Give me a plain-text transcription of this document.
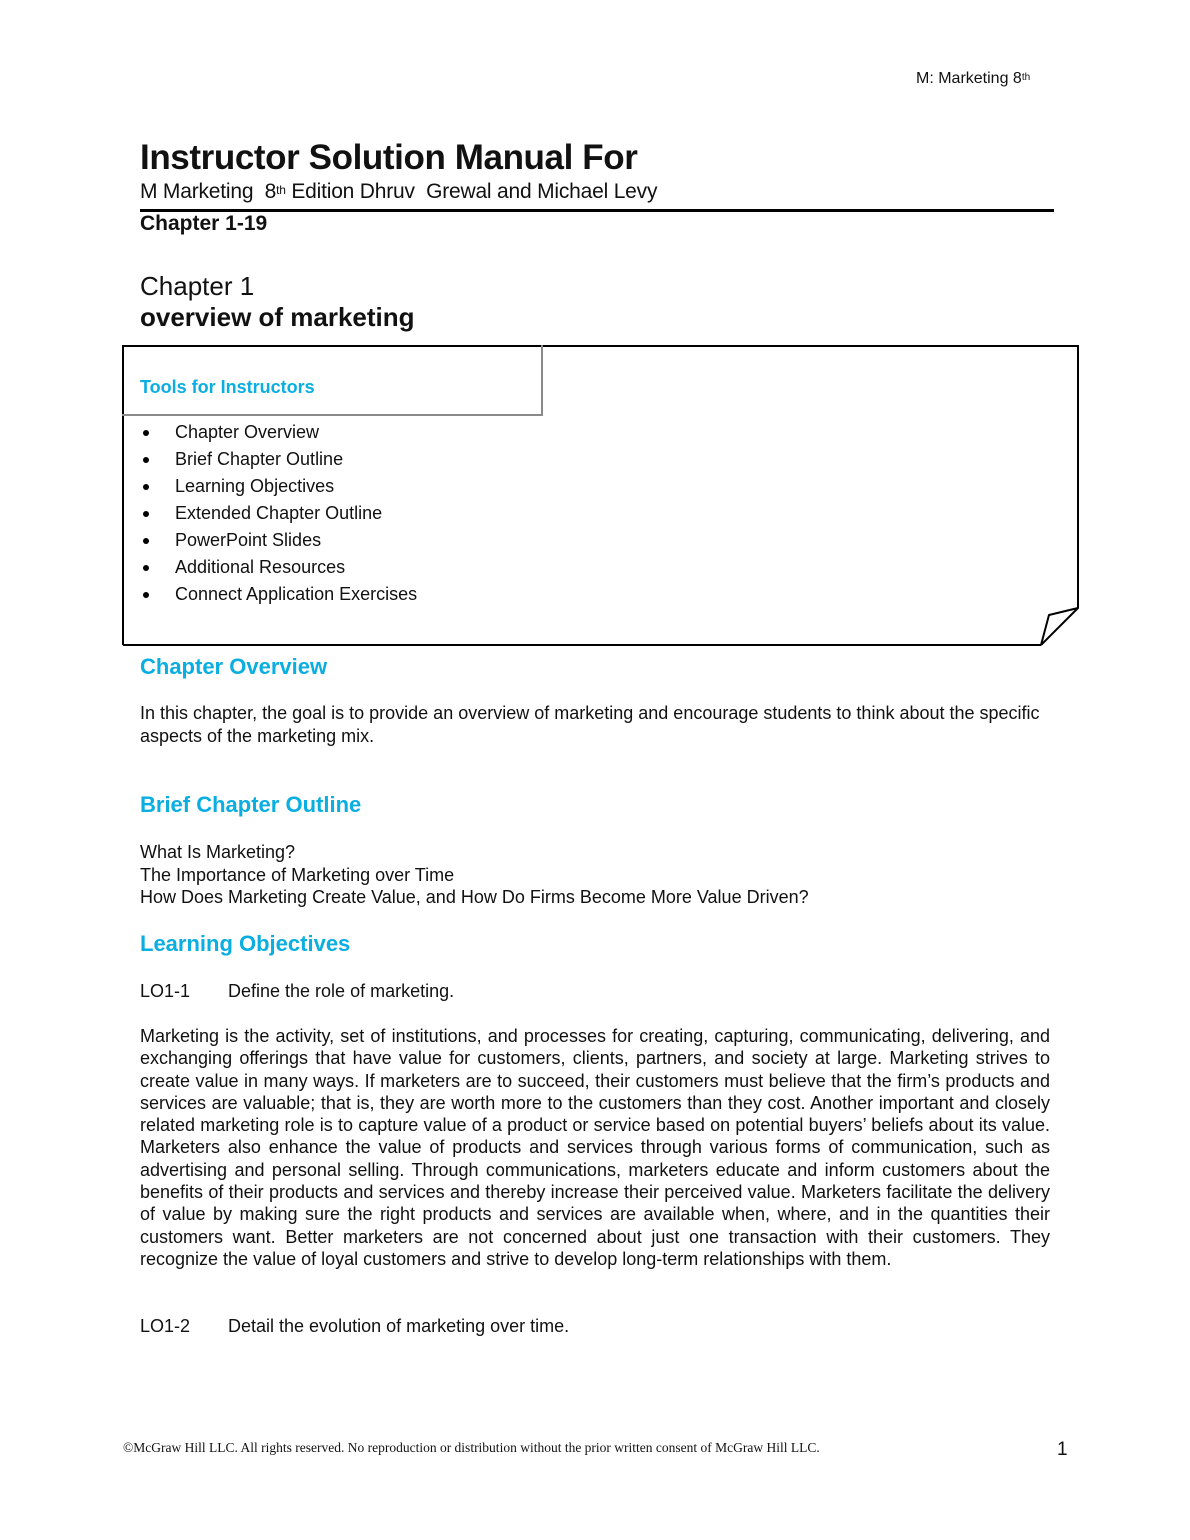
M: Marketing 8th
Instructor Solution Manual For
M Marketing  8th Edition Dhruv  Grewal and Michael Levy
Chapter 1-19
Chapter 1
overview of marketing
Tools for Instructors
Chapter Overview
Brief Chapter Outline
Learning Objectives
Extended Chapter Outline
PowerPoint Slides
Additional Resources
Connect Application Exercises
Chapter Overview
In this chapter, the goal is to provide an overview of marketing and encourage students to think about the specific aspects of the marketing mix.
Brief Chapter Outline
What Is Marketing?
The Importance of Marketing over Time
How Does Marketing Create Value, and How Do Firms Become More Value Driven?
Learning Objectives
LO1-1 Define the role of marketing.
Marketing is the activity, set of institutions, and processes for creating, capturing, communicating, delivering, and exchanging offerings that have value for customers, clients, partners, and society at large. Marketing strives to create value in many ways. If marketers are to succeed, their customers must believe that the firm’s products and services are valuable; that is, they are worth more to the customers than they cost. Another important and closely related marketing role is to capture value of a product or service based on potential buyers’ beliefs about its value. Marketers also enhance the value of products and services through various forms of communication, such as advertising and personal selling. Through communications, marketers educate and inform customers about the benefits of their products and services and thereby increase their perceived value. Marketers facilitate the delivery of value by making sure the right products and services are available when, where, and in the quantities their customers want. Better marketers are not concerned about just one transaction with their customers. They recognize the value of loyal customers and strive to develop long-term relationships with them.
LO1-2 Detail the evolution of marketing over time.
©McGraw Hill LLC. All rights reserved. No reproduction or distribution without the prior written consent of McGraw Hill LLC.	1
